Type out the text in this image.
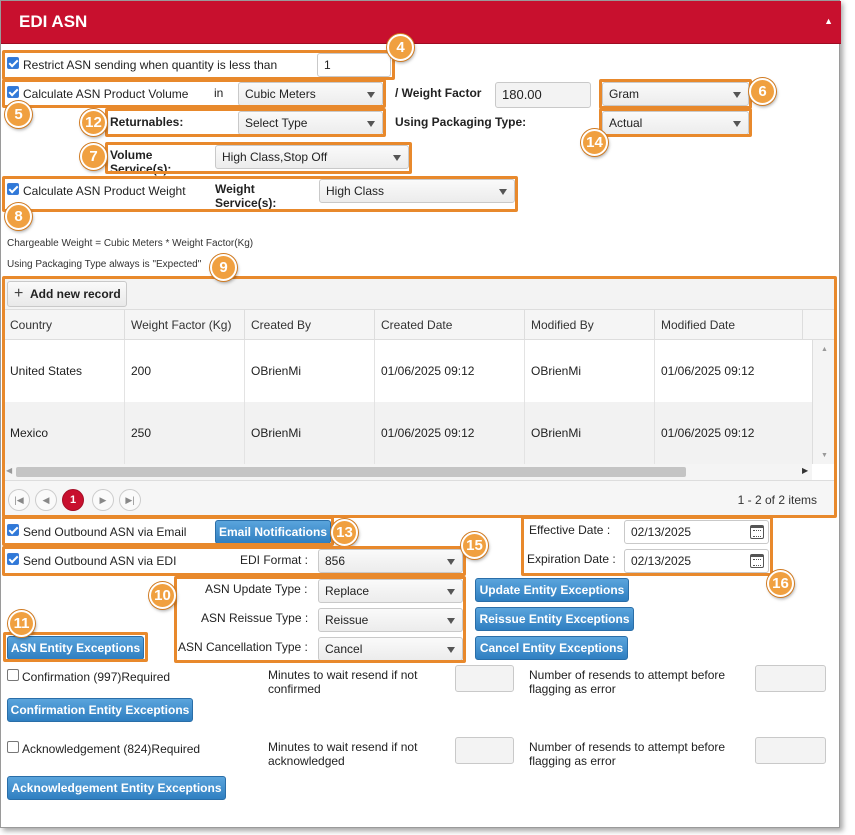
EDI ASN	▲
Restrict ASN sending when quantity is less than	1
4
Calculate ASN Product Volume in	Cubic Meters
5
/ Weight Factor	180.00	Gram	6
Returnables:	Select Type
12	Using Packaging Type:	Actual
14
Volume Service(s):
High Class,Stop Off
7
Calculate ASN Product Weight Weight Service(s):
High Class
8
Chargeable Weight = Cubic Meters * Weight Factor(Kg)
Using Packaging Type always is "Expected"
+ Add new record
Country	Weight Factor (Kg)	Created By	Created Date	Modified By	Modified Date
United States	200	OBrienMi	01/06/2025 09:12	OBrienMi	01/06/2025 09:12
Mexico	250	OBrienMi	01/06/2025 09:12	OBrienMi	01/06/2025 09:12
▲
▼
◀	▶
|◀	◀	1	▶	▶|	1 - 2 of 2 items
9
Send Outbound ASN via Email	Email Notifications 13
Send Outbound ASN via EDI	EDI Format :	856
15
Effective Date :	02/13/2025
Expiration Date :	02/13/2025
16
ASN Update Type :	Replace
ASN Reissue Type :	Reissue
ASN Cancellation Type :	Cancel
10	Update Entity Exceptions
Reissue Entity Exceptions
Cancel Entity Exceptions
ASN Entity Exceptions
11
Confirmation (997)Required	Minutes to wait resend if not confirmed
Number of resends to attempt before flagging as error
Confirmation Entity Exceptions
Acknowledgement (824)Required	Minutes to wait resend if not acknowledged
Number of resends to attempt before flagging as error
Acknowledgement Entity Exceptions
